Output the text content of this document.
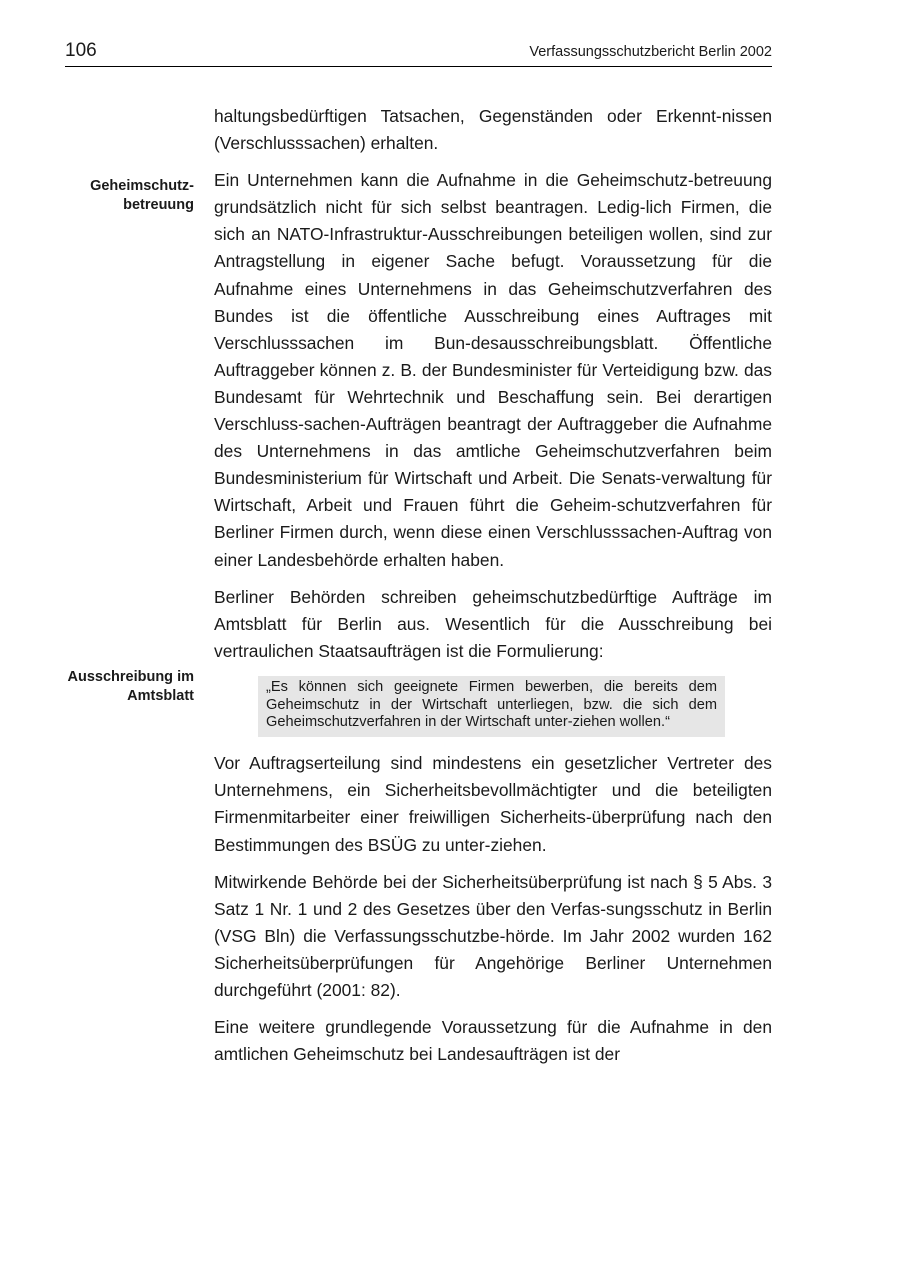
106	Verfassungsschutzbericht Berlin 2002
Geheimschutz-
betreuung
Ausschreibung im
Amtsblatt

haltungsbedürftigen Tatsachen, Gegenständen oder Erkennt-nissen (Verschlusssachen) erhalten.

Ein Unternehmen kann die Aufnahme in die Geheimschutz-betreuung grundsätzlich nicht für sich selbst beantragen. Ledig-lich Firmen, die sich an NATO-Infrastruktur-Ausschreibungen beteiligen wollen, sind zur Antragstellung in eigener Sache befugt. Voraussetzung für die Aufnahme eines Unternehmens in das Geheimschutzverfahren des Bundes ist die öffentliche Ausschreibung eines Auftrages mit Verschlusssachen im Bun-desausschreibungsblatt. Öffentliche Auftraggeber können z. B. der Bundesminister für Verteidigung bzw. das Bundesamt für Wehrtechnik und Beschaffung sein. Bei derartigen Verschluss-sachen-Aufträgen beantragt der Auftraggeber die Aufnahme des Unternehmens in das amtliche Geheimschutzverfahren beim Bundesministerium für Wirtschaft und Arbeit. Die Senats-verwaltung für Wirtschaft, Arbeit und Frauen führt die Geheim-schutzverfahren für Berliner Firmen durch, wenn diese einen Verschlusssachen-Auftrag von einer Landesbehörde erhalten haben.

Berliner Behörden schreiben geheimschutzbedürftige Aufträge im Amtsblatt für Berlin aus. Wesentlich für die Ausschreibung bei vertraulichen Staatsaufträgen ist die Formulierung:

„Es können sich geeignete Firmen bewerben, die bereits dem Geheimschutz in der Wirtschaft unterliegen, bzw. die sich dem Geheimschutzverfahren in der Wirtschaft unter-ziehen wollen.“

Vor Auftragserteilung sind mindestens ein gesetzlicher Vertreter des Unternehmens, ein Sicherheitsbevollmächtigter und die beteiligten Firmenmitarbeiter einer freiwilligen Sicherheits-überprüfung nach den Bestimmungen des BSÜG zu unter-ziehen.

Mitwirkende Behörde bei der Sicherheitsüberprüfung ist nach § 5 Abs. 3 Satz 1 Nr. 1 und 2 des Gesetzes über den Verfas-sungsschutz in Berlin (VSG Bln) die Verfassungsschutzbe-hörde. Im Jahr 2002 wurden 162 Sicherheitsüberprüfungen für Angehörige Berliner Unternehmen durchgeführt (2001: 82).

Eine weitere grundlegende Voraussetzung für die Aufnahme in den amtlichen Geheimschutz bei Landesaufträgen ist der
